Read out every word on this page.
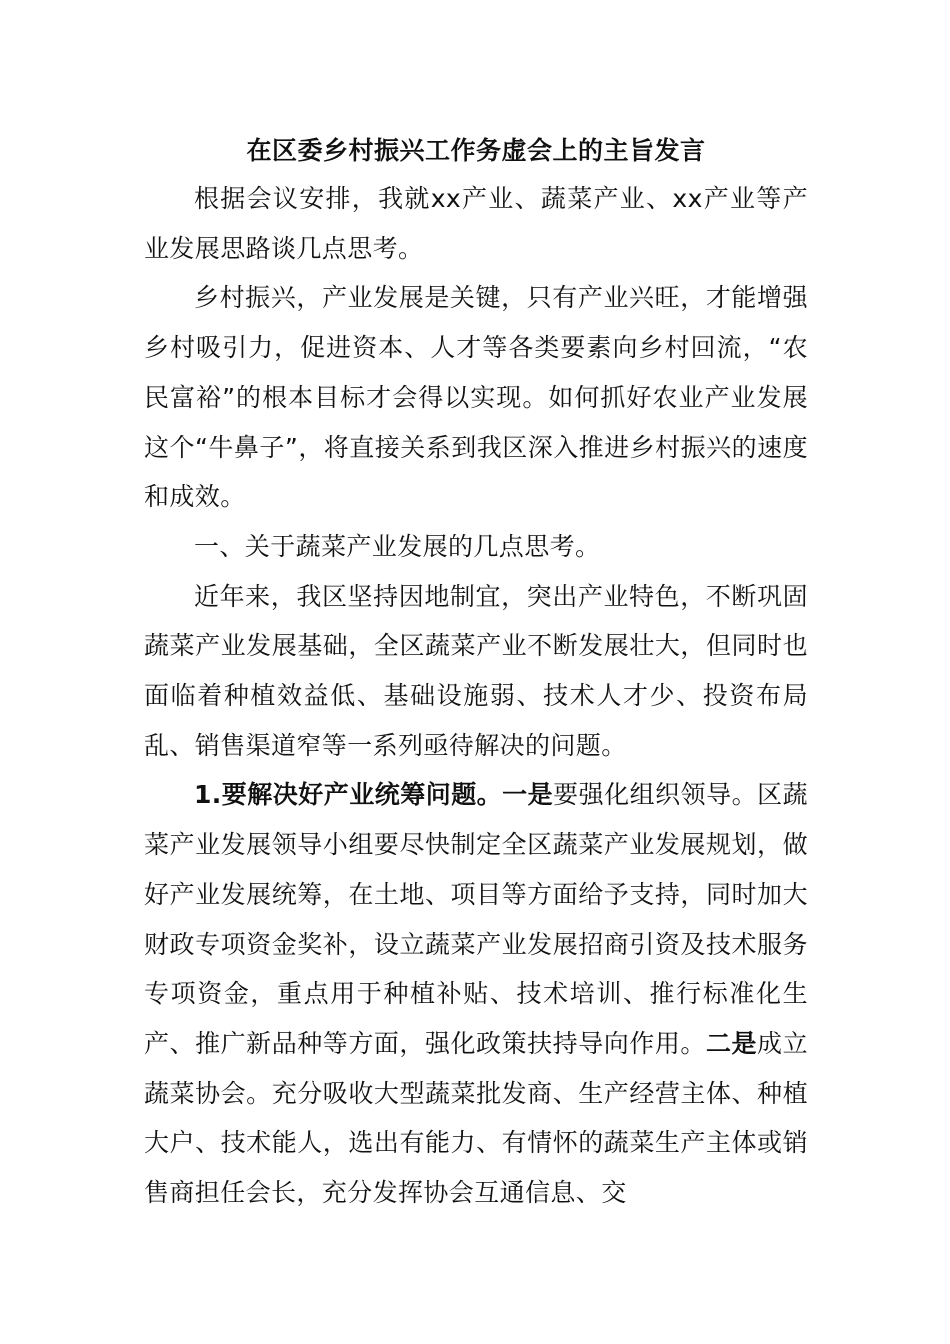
在区委乡村振兴工作务虚会上的主旨发言

根据会议安排，我就xx产业、蔬菜产业、xx产业等产业发展思路谈几点思考。

乡村振兴，产业发展是关键，只有产业兴旺，才能增强乡村吸引力，促进资本、人才等各类要素向乡村回流，“农民富裕”的根本目标才会得以实现。如何抓好农业产业发展这个“牛鼻子”，将直接关系到我区深入推进乡村振兴的速度和成效。

一、关于蔬菜产业发展的几点思考。

近年来，我区坚持因地制宜，突出产业特色，不断巩固蔬菜产业发展基础，全区蔬菜产业不断发展壮大，但同时也面临着种植效益低、基础设施弱、技术人才少、投资布局乱、销售渠道窄等一系列亟待解决的问题。

1.要解决好产业统筹问题。一是要强化组织领导。区蔬菜产业发展领导小组要尽快制定全区蔬菜产业发展规划，做好产业发展统筹，在土地、项目等方面给予支持，同时加大财政专项资金奖补，设立蔬菜产业发展招商引资及技术服务专项资金，重点用于种植补贴、技术培训、推行标准化生产、推广新品种等方面，强化政策扶持导向作用。二是成立蔬菜协会。充分吸收大型蔬菜批发商、生产经营主体、种植大户、技术能人，选出有能力、有情怀的蔬菜生产主体或销售商担任会长，充分发挥协会互通信息、交
